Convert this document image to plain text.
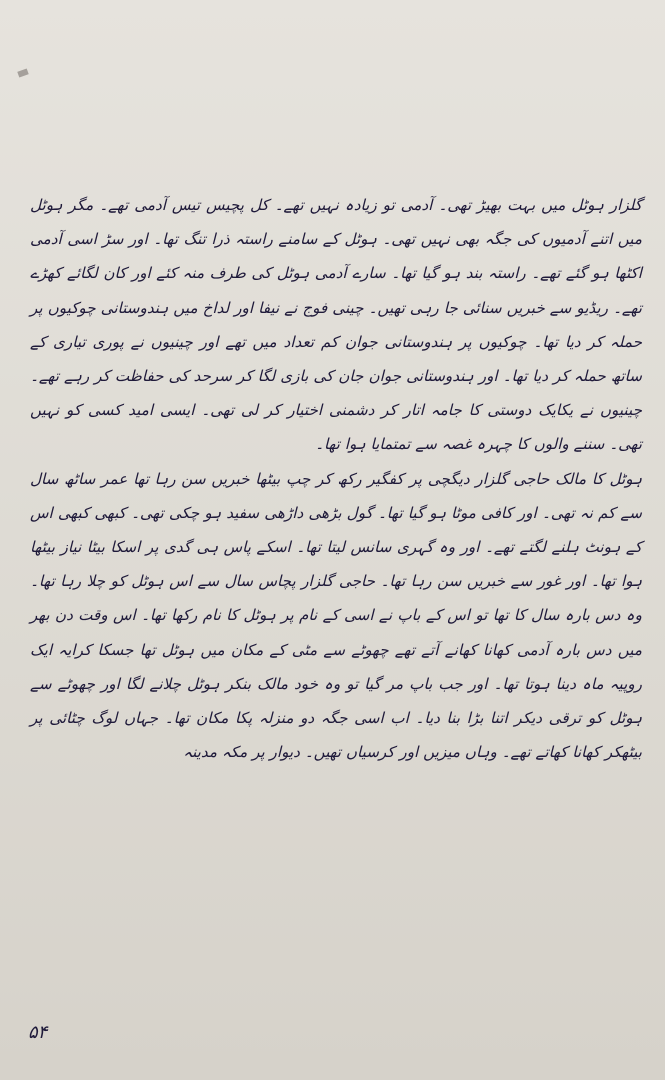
گلزار ہوٹل میں بہت بھیڑ تھی۔ آدمی تو زیادہ نہیں تھے۔ کل پچیس تیس آدمی تھے۔ مگر ہوٹل میں اتنے آدمیوں کی جگہ بھی نہیں تھی۔ ہوٹل کے سامنے راستہ ذرا تنگ تھا۔ اور سڑ اسی آدمی اکٹھا ہو گئے تھے۔ راستہ بند ہو گیا تھا۔ سارے آدمی ہوٹل کی طرف منہ کئے اور کان لگائے کھڑے تھے۔ ریڈیو سے خبریں سنائی جا رہی تھیں۔ چینی فوج نے نیفا اور لداخ میں ہندوستانی چوکیوں پر حملہ کر دیا تھا۔ چوکیوں پر ہندوستانی جوان کم تعداد میں تھے اور چینیوں نے پوری تیاری کے ساتھ حملہ کر دیا تھا۔ اور ہندوستانی جوان جان کی بازی لگا کر سرحد کی حفاظت کر رہے تھے۔ چینیوں نے یکایک دوستی کا جامہ اتار کر دشمنی اختیار کر لی تھی۔ ایسی امید کسی کو نہیں تھی۔ سننے والوں کا چہرہ غصہ سے تمتمایا ہوا تھا۔

ہوٹل کا مالک حاجی گلزار دیگچی پر کفگیر رکھ کر چپ بیٹھا خبریں سن رہا تھا عمر ساٹھ سال سے کم نہ تھی۔ اور کافی موٹا ہو گیا تھا۔ گول بڑھی داڑھی سفید ہو چکی تھی۔ کبھی کبھی اس کے ہونٹ ہلنے لگتے تھے۔ اور وہ گہری سانس لیتا تھا۔ اسکے پاس ہی گدی پر اسکا بیٹا نیاز بیٹھا ہوا تھا۔ اور غور سے خبریں سن رہا تھا۔ حاجی گلزار پچاس سال سے اس ہوٹل کو چلا رہا تھا۔ وہ دس بارہ سال کا تھا تو اس کے باپ نے اسی کے نام پر ہوٹل کا نام رکھا تھا۔ اس وقت دن بھر میں دس بارہ آدمی کھانا کھانے آتے تھے چھوٹے سے مٹی کے مکان میں ہوٹل تھا جسکا کرایہ ایک روپیہ ماہ دینا ہوتا تھا۔ اور جب باپ مر گیا تو وہ خود مالک بنکر ہوٹل چلانے لگا اور چھوٹے سے ہوٹل کو ترقی دیکر اتنا بڑا بنا دیا۔ اب اسی جگہ دو منزلہ پکا مکان تھا۔ جہاں لوگ چٹائی پر بیٹھکر کھانا کھاتے تھے۔ وہاں میزیں اور کرسیاں تھیں۔ دیوار پر مکہ مدینہ

۵۴
